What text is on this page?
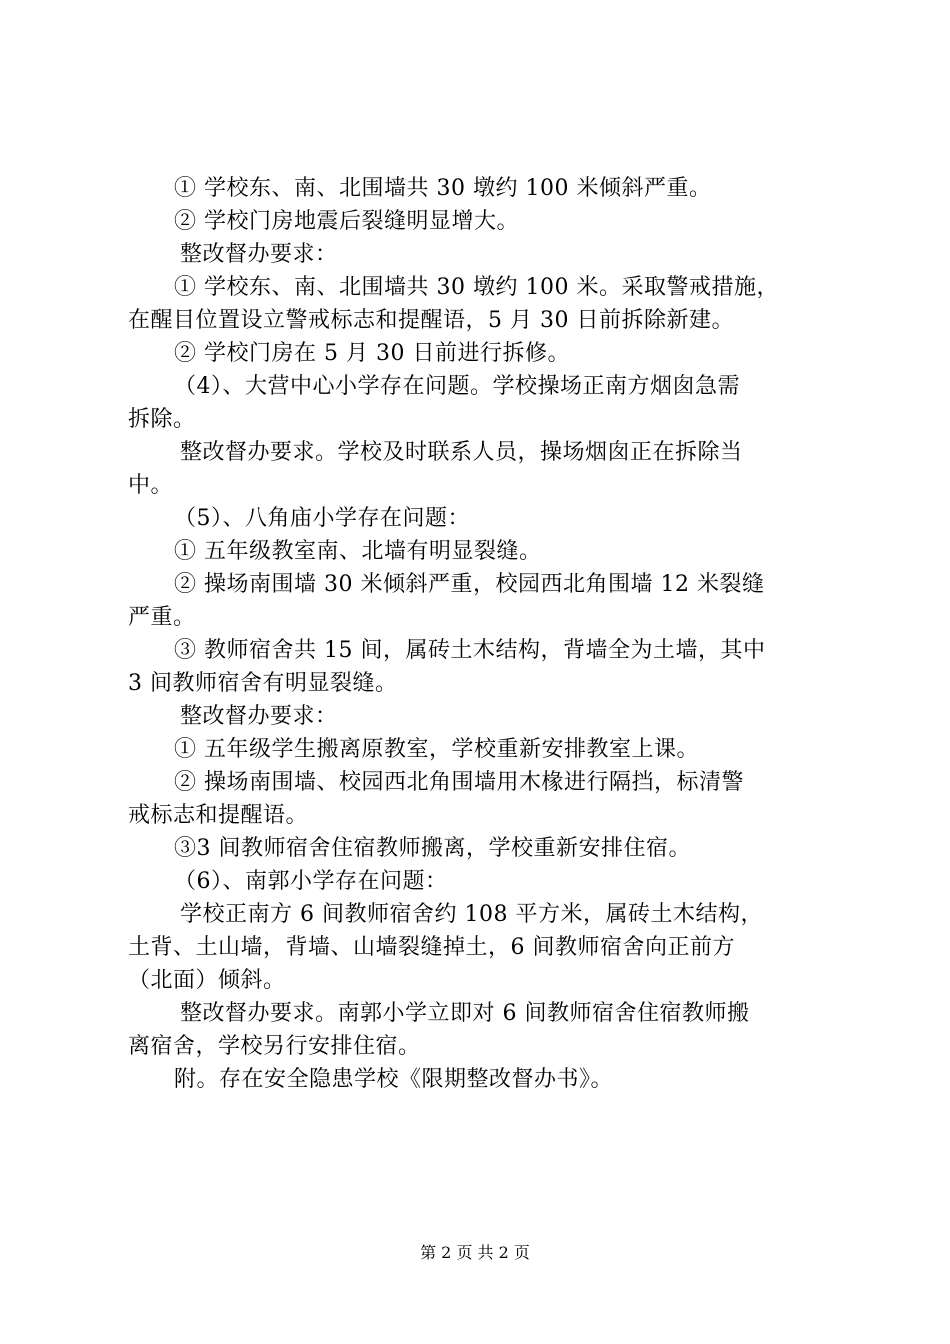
① 学校东、南、北围墙共 30 墩约 100 米倾斜严重。
② 学校门房地震后裂缝明显增大。
整改督办要求：
① 学校东、南、北围墙共 30 墩约 100 米。采取警戒措施，
在醒目位置设立警戒标志和提醒语，5 月 30 日前拆除新建。
② 学校门房在 5 月 30 日前进行拆修。
（4）、大营中心小学存在问题。学校操场正南方烟囱急需
拆除。
整改督办要求。学校及时联系人员，操场烟囱正在拆除当
中。
（5）、八角庙小学存在问题：
① 五年级教室南、北墙有明显裂缝。
② 操场南围墙 30 米倾斜严重，校园西北角围墙 12 米裂缝
严重。
③ 教师宿舍共 15 间，属砖土木结构，背墙全为土墙，其中
3 间教师宿舍有明显裂缝。
整改督办要求：
① 五年级学生搬离原教室，学校重新安排教室上课。
② 操场南围墙、校园西北角围墙用木椽进行隔挡，标清警
戒标志和提醒语。
③3 间教师宿舍住宿教师搬离，学校重新安排住宿。
（6）、南郭小学存在问题：
学校正南方 6 间教师宿舍约 108 平方米，属砖土木结构，
土背、土山墙，背墙、山墙裂缝掉土，6 间教师宿舍向正前方
（北面）倾斜。
整改督办要求。南郭小学立即对 6 间教师宿舍住宿教师搬
离宿舍，学校另行安排住宿。
附。存在安全隐患学校《限期整改督办书》。
第 2 页 共 2 页
